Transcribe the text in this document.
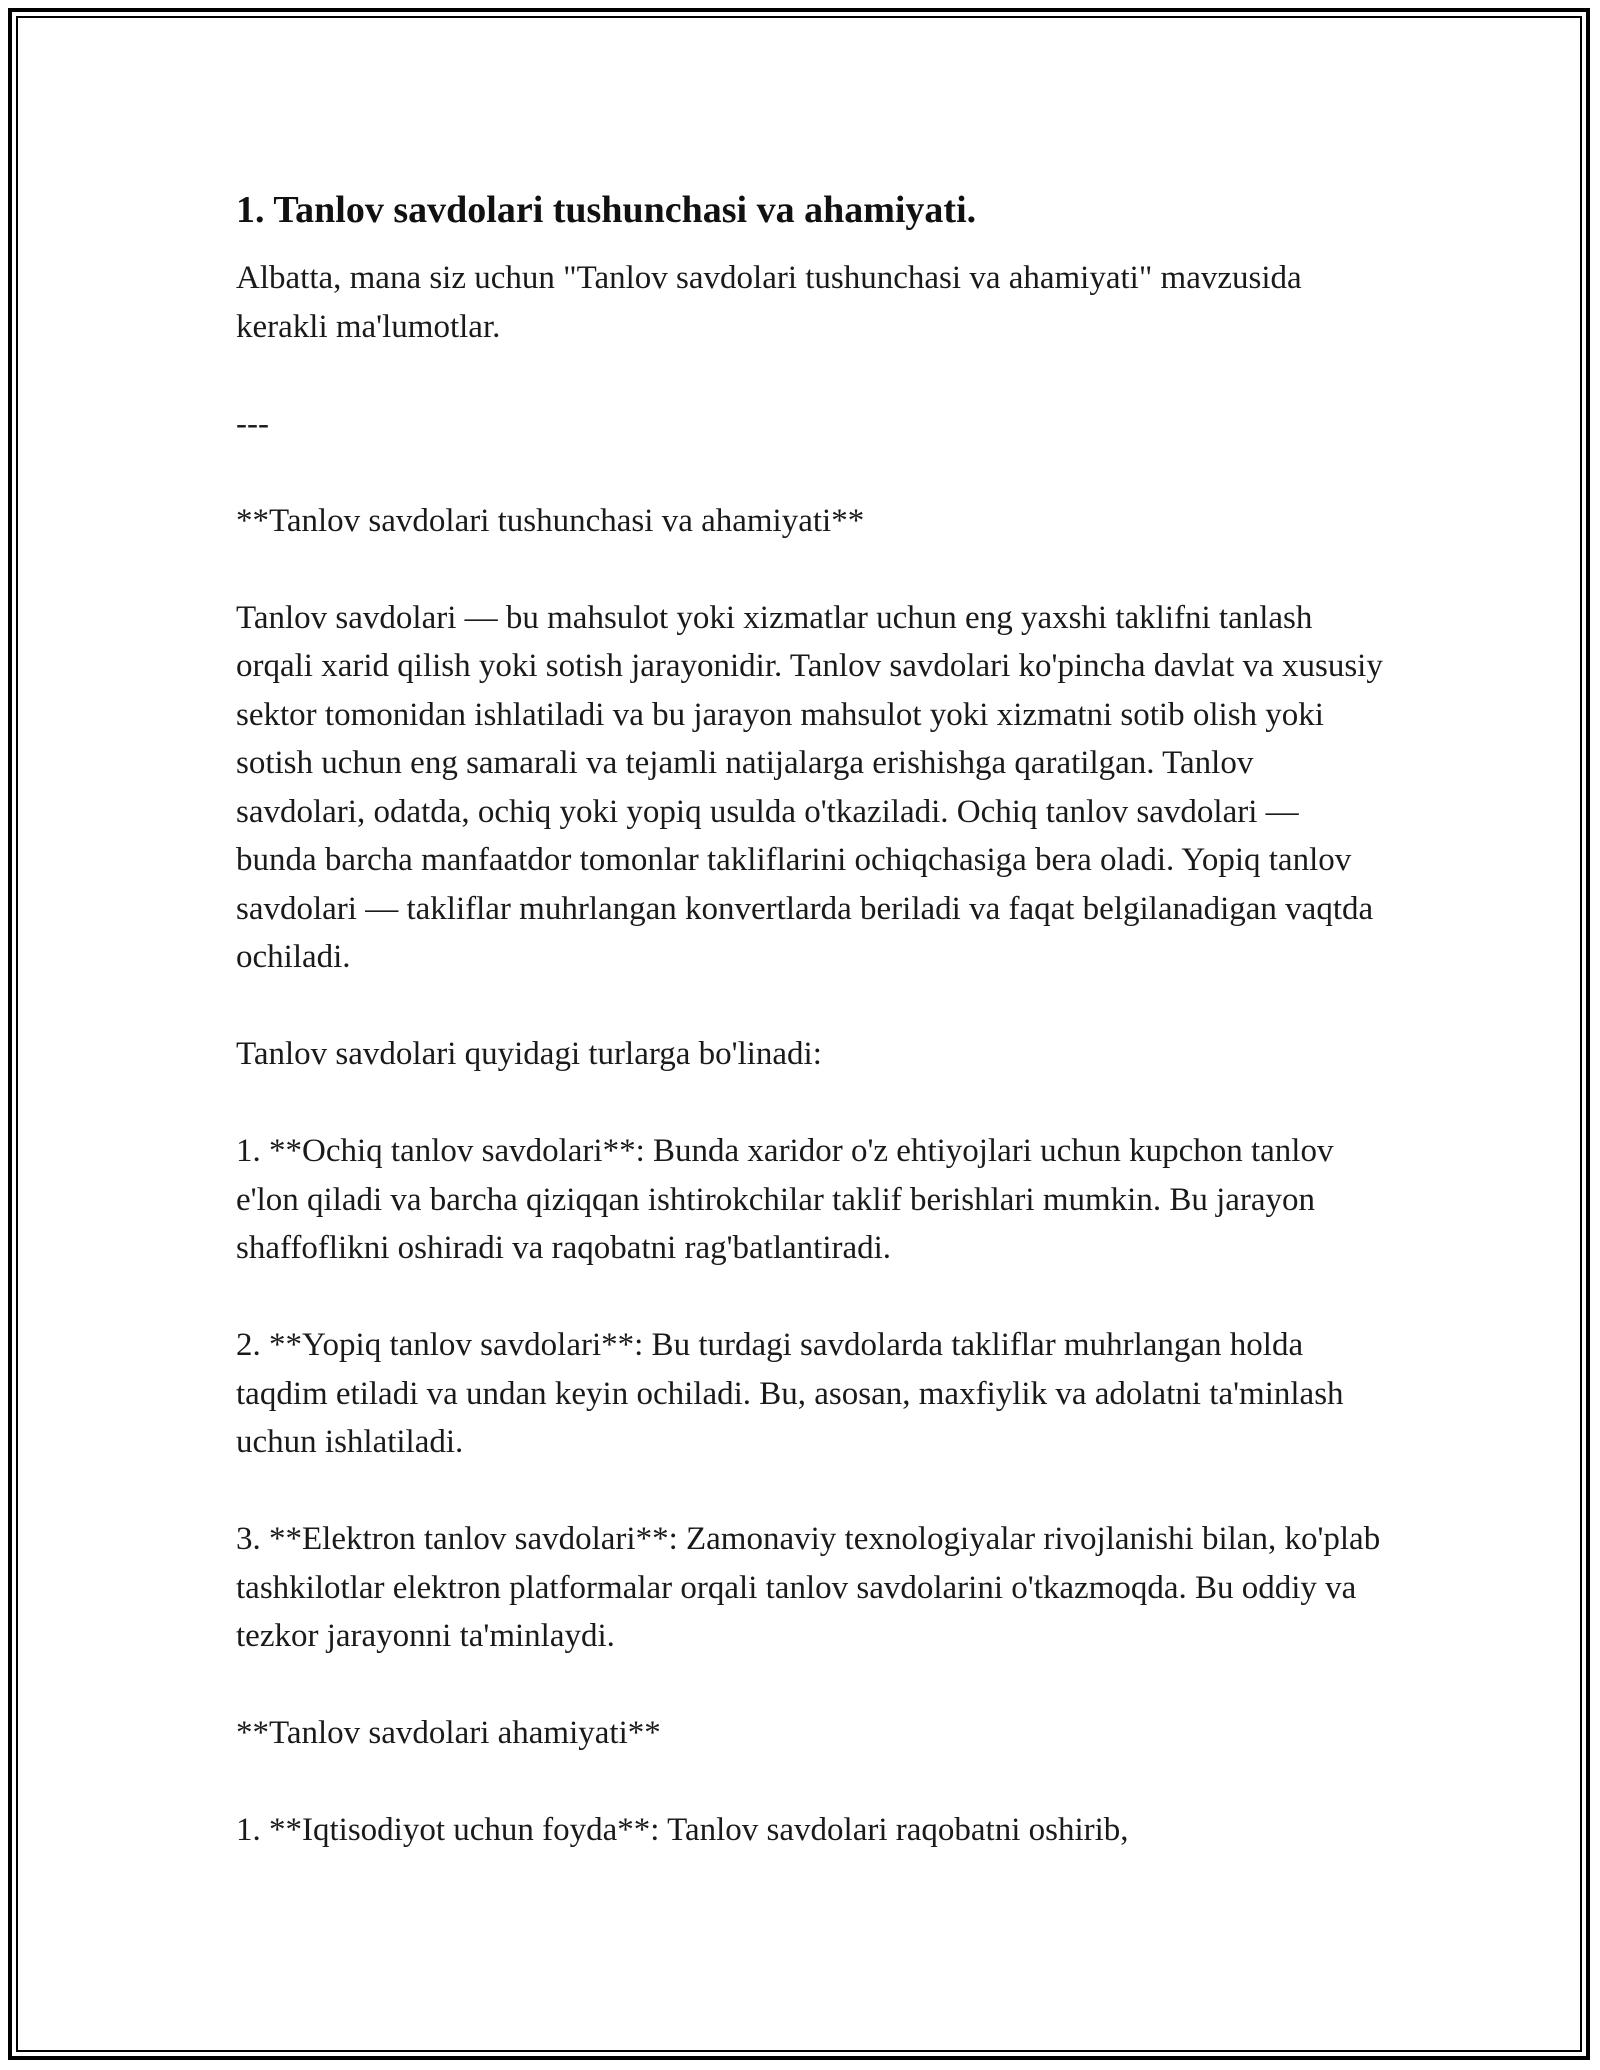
1. Tanlov savdolari tushunchasi va ahamiyati.

Albatta, mana siz uchun "Tanlov savdolari tushunchasi va ahamiyati" mavzusida kerakli ma'lumotlar.

---

**Tanlov savdolari tushunchasi va ahamiyati**

Tanlov savdolari — bu mahsulot yoki xizmatlar uchun eng yaxshi taklifni tanlash orqali xarid qilish yoki sotish jarayonidir. Tanlov savdolari ko'pincha davlat va xususiy sektor tomonidan ishlatiladi va bu jarayon mahsulot yoki xizmatni sotib olish yoki sotish uchun eng samarali va tejamli natijalarga erishishga qaratilgan. Tanlov savdolari, odatda, ochiq yoki yopiq usulda o'tkaziladi. Ochiq tanlov savdolari — bunda barcha manfaatdor tomonlar takliflarini ochiqchasiga bera oladi. Yopiq tanlov savdolari — takliflar muhrlangan konvertlarda beriladi va faqat belgilanadigan vaqtda ochiladi.

Tanlov savdolari quyidagi turlarga bo'linadi:

1. **Ochiq tanlov savdolari**: Bunda xaridor o'z ehtiyojlari uchun kupchon tanlov e'lon qiladi va barcha qiziqqan ishtirokchilar taklif berishlari mumkin. Bu jarayon shaffoflikni oshiradi va raqobatni rag'batlantiradi.

2. **Yopiq tanlov savdolari**: Bu turdagi savdolarda takliflar muhrlangan holda taqdim etiladi va undan keyin ochiladi. Bu, asosan, maxfiylik va adolatni ta'minlash uchun ishlatiladi.

3. **Elektron tanlov savdolari**: Zamonaviy texnologiyalar rivojlanishi bilan, ko'plab tashkilotlar elektron platformalar orqali tanlov savdolarini o'tkazmoqda. Bu oddiy va tezkor jarayonni ta'minlaydi.

**Tanlov savdolari ahamiyati**

1. **Iqtisodiyot uchun foyda**: Tanlov savdolari raqobatni oshirib,
